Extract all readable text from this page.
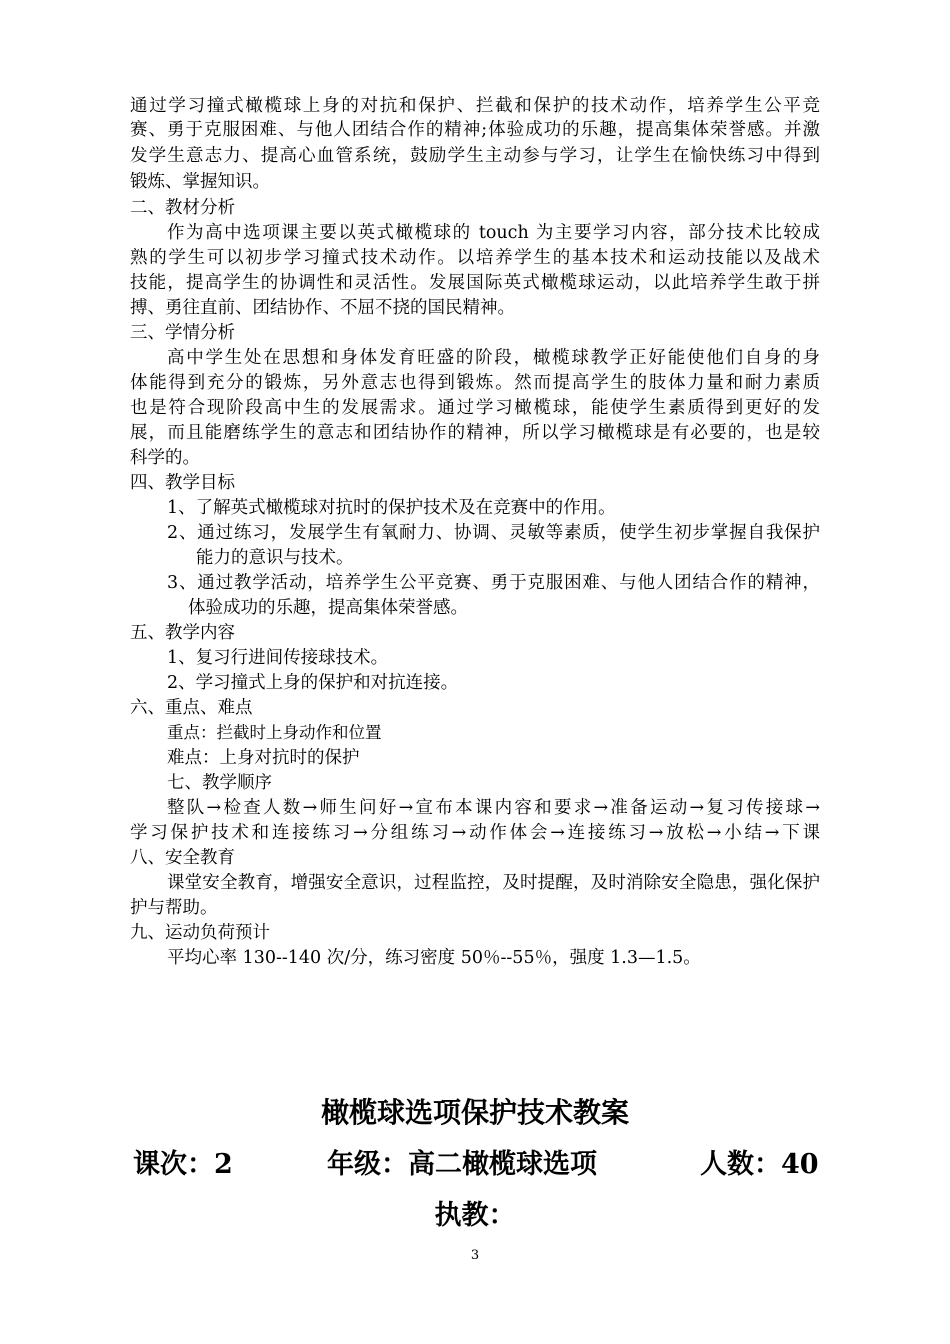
通过学习撞式橄榄球上身的对抗和保护、拦截和保护的技术动作，培养学生公平竞
赛、勇于克服困难、与他人团结合作的精神;体验成功的乐趣，提高集体荣誉感。并激
发学生意志力、提高心血管系统，鼓励学生主动参与学习，让学生在愉快练习中得到
锻炼、掌握知识。
二、教材分析
作为高中选项课主要以英式橄榄球的 touch 为主要学习内容，部分技术比较成
熟的学生可以初步学习撞式技术动作。以培养学生的基本技术和运动技能以及战术
技能，提高学生的协调性和灵活性。发展国际英式橄榄球运动，以此培养学生敢于拼
搏、勇往直前、团结协作、不屈不挠的国民精神。
三、学情分析
高中学生处在思想和身体发育旺盛的阶段，橄榄球教学正好能使他们自身的身
体能得到充分的锻炼，另外意志也得到锻炼。然而提高学生的肢体力量和耐力素质
也是符合现阶段高中生的发展需求。通过学习橄榄球，能使学生素质得到更好的发
展，而且能磨练学生的意志和团结协作的精神，所以学习橄榄球是有必要的，也是较
科学的。
四、教学目标
1、了解英式橄榄球对抗时的保护技术及在竞赛中的作用。
2、通过练习，发展学生有氧耐力、协调、灵敏等素质，使学生初步掌握自我保护
能力的意识与技术。
3、通过教学活动，培养学生公平竞赛、勇于克服困难、与他人团结合作的精神，
体验成功的乐趣，提高集体荣誉感。
五、教学内容
1、复习行进间传接球技术。
2、学习撞式上身的保护和对抗连接。
六、重点、难点
重点：拦截时上身动作和位置
难点：上身对抗时的保护
七、教学顺序
整队→检查人数→师生问好→宣布本课内容和要求→准备运动→复习传接球→
学习保护技术和连接练习→分组练习→动作体会→连接练习→放松→小结→下课
八、安全教育
课堂安全教育，增强安全意识，过程监控，及时提醒，及时消除安全隐患，强化保护
护与帮助。
九、运动负荷预计
平均心率 130--140 次/分，练习密度 50％--55％，强度 1.3—1.5。
橄榄球选项保护技术教案
课次：2	年级：高二橄榄球选项	人数：40
执教：
3
